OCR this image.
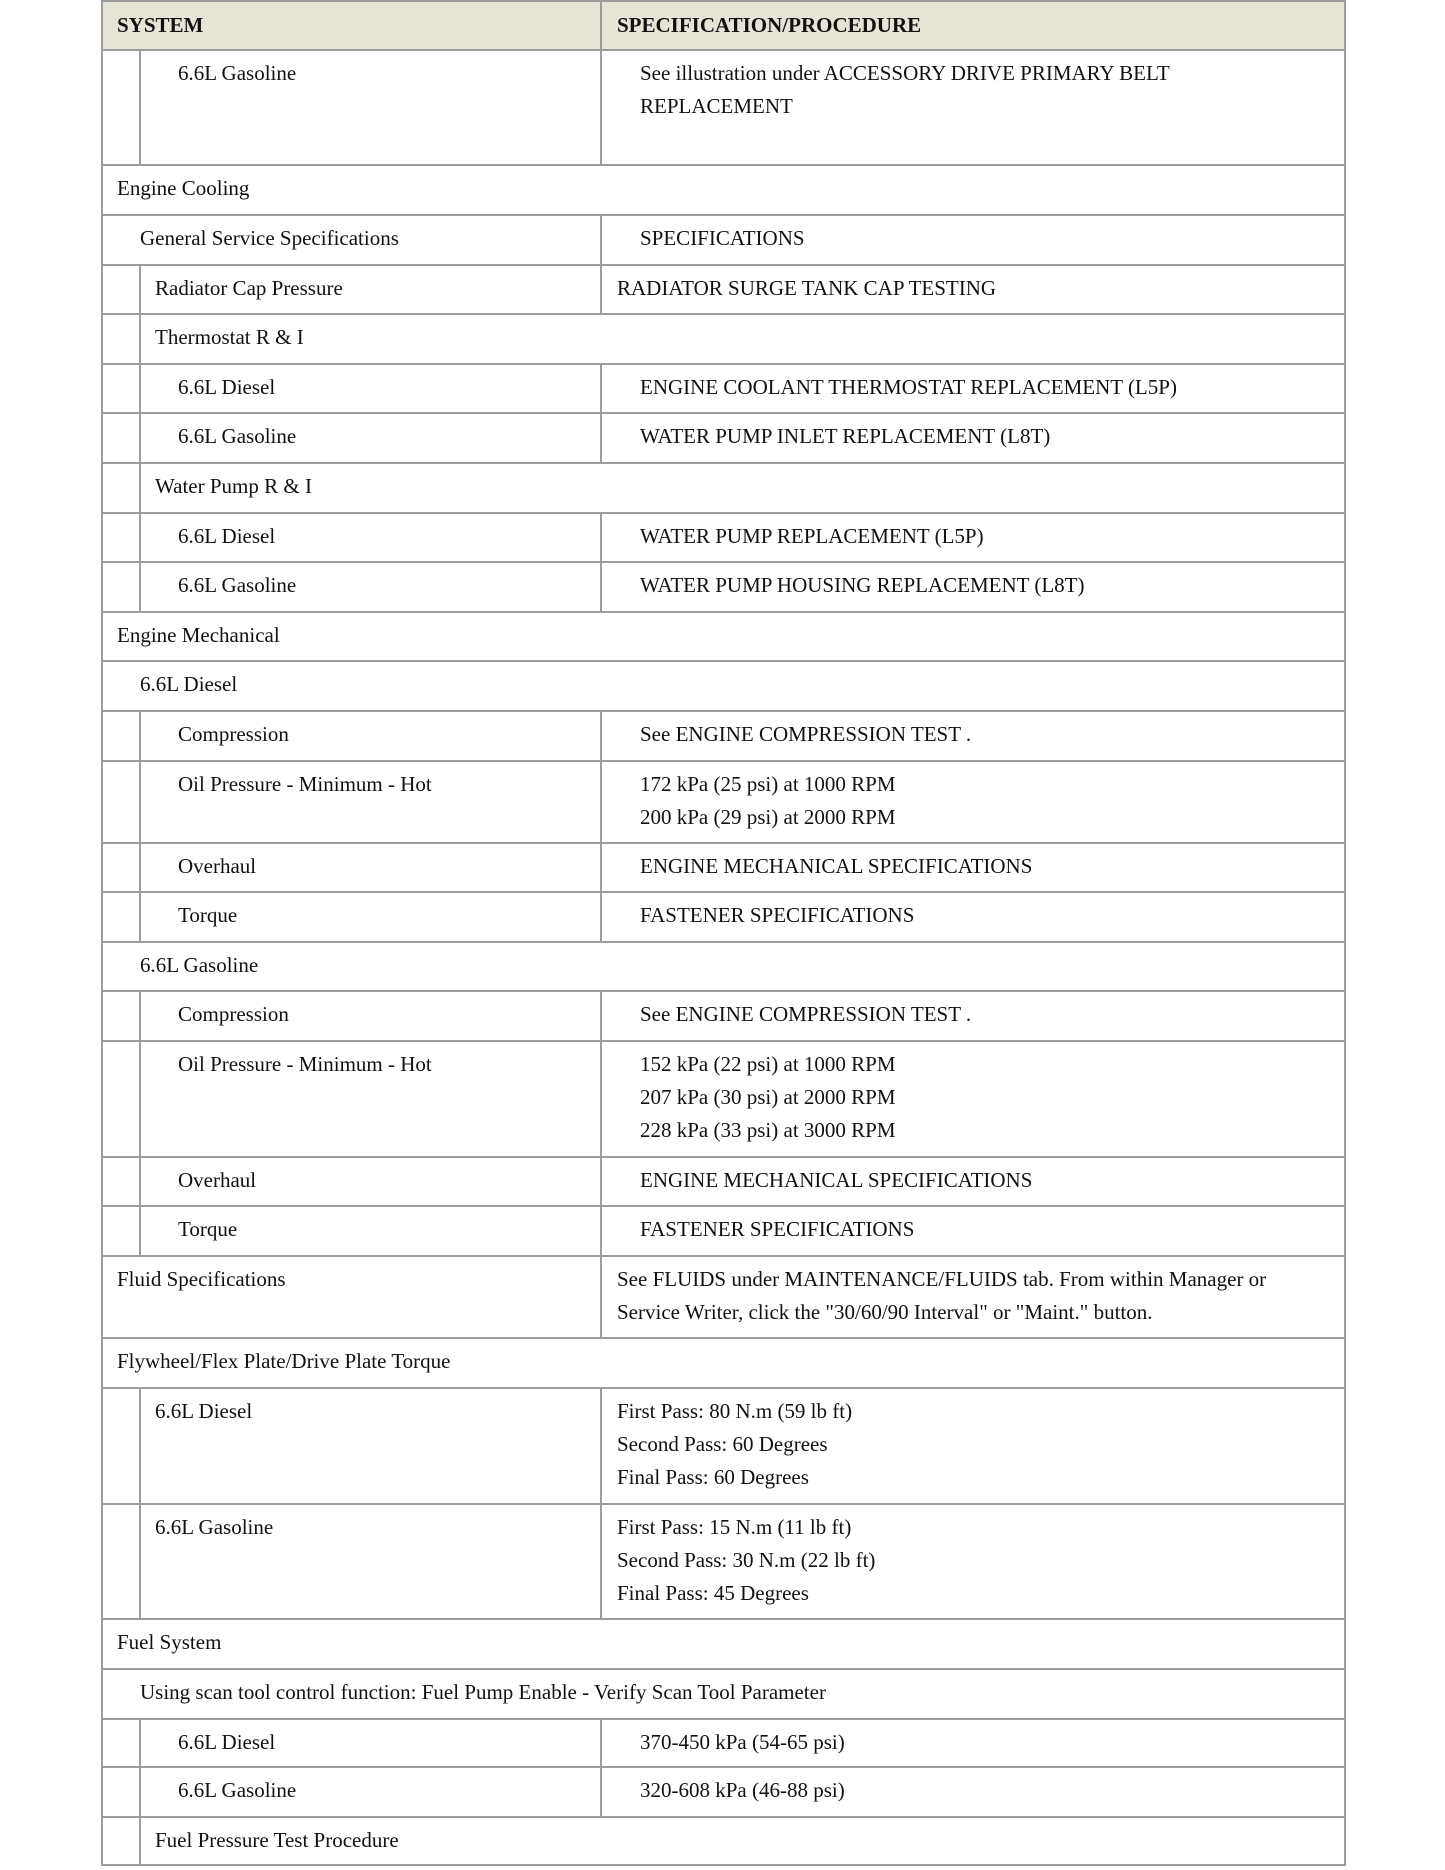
SYSTEM	SPECIFICATION/PROCEDURE
6.6L Gasoline	See illustration under ACCESSORY DRIVE PRIMARY BELT
REPLACEMENT
Engine Cooling
General Service Specifications	SPECIFICATIONS
Radiator Cap Pressure	RADIATOR SURGE TANK CAP TESTING
Thermostat R & I
6.6L Diesel	ENGINE COOLANT THERMOSTAT REPLACEMENT (L5P)
6.6L Gasoline	WATER PUMP INLET REPLACEMENT (L8T)
Water Pump R & I
6.6L Diesel	WATER PUMP REPLACEMENT (L5P)
6.6L Gasoline	WATER PUMP HOUSING REPLACEMENT (L8T)
Engine Mechanical
6.6L Diesel
Compression	See ENGINE COMPRESSION TEST .
Oil Pressure - Minimum - Hot	172 kPa (25 psi) at 1000 RPM
200 kPa (29 psi) at 2000 RPM
Overhaul	ENGINE MECHANICAL SPECIFICATIONS
Torque	FASTENER SPECIFICATIONS
6.6L Gasoline
Compression	See ENGINE COMPRESSION TEST .
Oil Pressure - Minimum - Hot	152 kPa (22 psi) at 1000 RPM
207 kPa (30 psi) at 2000 RPM
228 kPa (33 psi) at 3000 RPM
Overhaul	ENGINE MECHANICAL SPECIFICATIONS
Torque	FASTENER SPECIFICATIONS
Fluid Specifications	See FLUIDS under MAINTENANCE/FLUIDS tab. From within Manager or
Service Writer, click the "30/60/90 Interval" or "Maint." button.
Flywheel/Flex Plate/Drive Plate Torque
6.6L Diesel	First Pass: 80 N.m (59 lb ft)
Second Pass: 60 Degrees
Final Pass: 60 Degrees
6.6L Gasoline	First Pass: 15 N.m (11 lb ft)
Second Pass: 30 N.m (22 lb ft)
Final Pass: 45 Degrees
Fuel System
Using scan tool control function: Fuel Pump Enable - Verify Scan Tool Parameter
6.6L Diesel	370-450 kPa (54-65 psi)
6.6L Gasoline	320-608 kPa (46-88 psi)
Fuel Pressure Test Procedure
